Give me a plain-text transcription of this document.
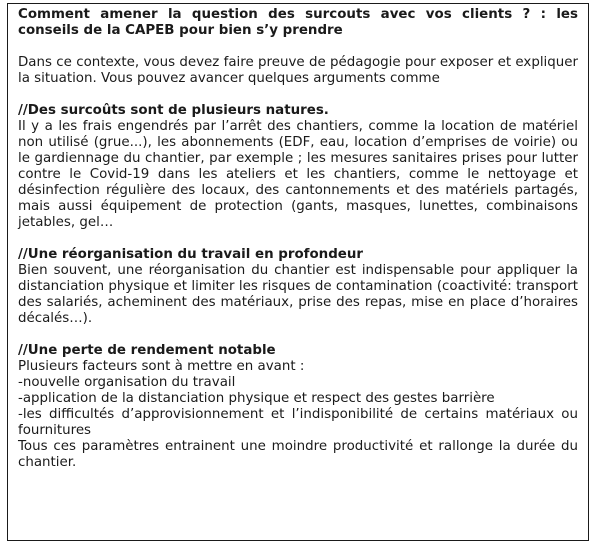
Comment amener la question des surcouts avec vos clients ? : les conseils de la CAPEB pour bien s’y prendre

Dans ce contexte, vous devez faire preuve de pédagogie pour exposer et expliquer la situation. Vous pouvez avancer quelques arguments comme

//Des surcoûts sont de plusieurs natures.

Il y a les frais engendrés par l’arrêt des chantiers, comme la location de matériel non utilisé (grue...), les abonnements (EDF, eau, location d’emprises de voirie) ou le gardiennage du chantier, par exemple ; les mesures sanitaires prises pour lutter contre le Covid-19 dans les ateliers et les chantiers, comme le nettoyage et désinfection régulière des locaux, des cantonnements et des matériels partagés, mais aussi équipement de protection (gants, masques, lunettes, combinaisons jetables, gel…

//Une réorganisation du travail en profondeur

Bien souvent, une réorganisation du chantier est indispensable pour appliquer la distanciation physique et limiter les risques de contamination (coactivité: transport des salariés, acheminent des matériaux, prise des repas, mise en place d’horaires décalés…).

//Une perte de rendement notable

Plusieurs facteurs sont à mettre en avant :

-nouvelle organisation du travail
-application de la distanciation physique et respect des gestes barrière
-les difficultés d’approvisionnement et l’indisponibilité de certains matériaux ou fournitures

Tous ces paramètres entrainent une moindre productivité et rallonge la durée du chantier.
